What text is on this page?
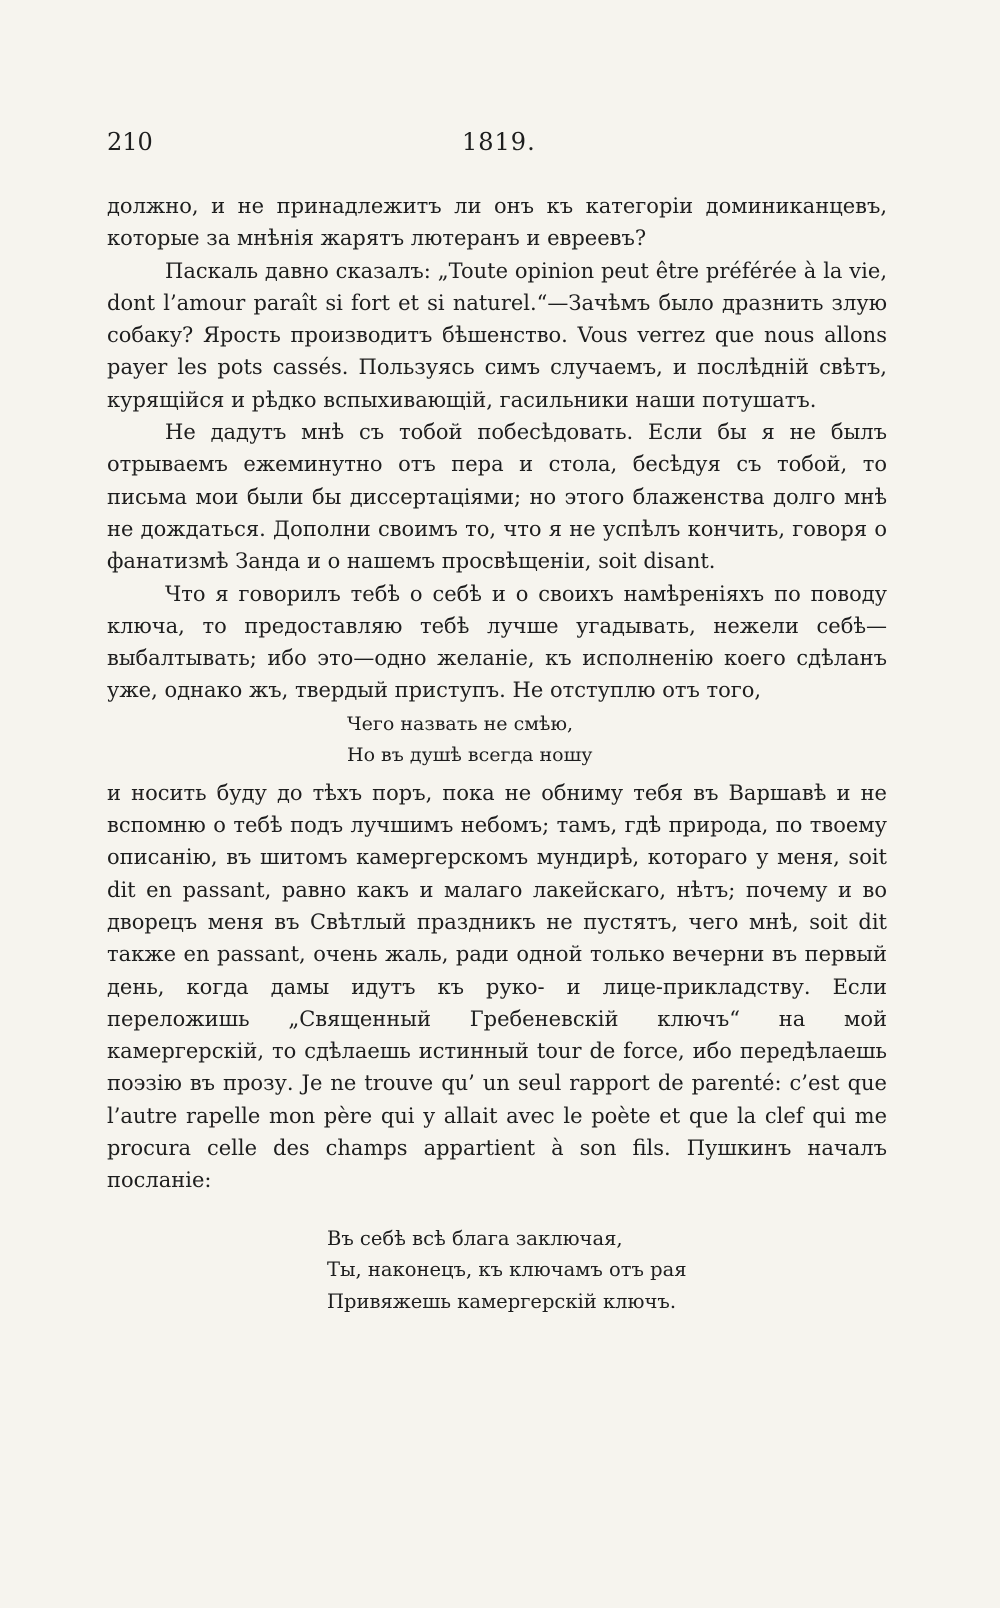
210	1819.

должно, и не принадлежитъ ли онъ къ категоріи доминиканцевъ, которые за мнѣнія жарятъ лютеранъ и евреевъ?

Паскаль давно сказалъ: „Toute opinion peut être préférée à la vie, dont l’amour paraît si fort et si naturel.“—Зачѣмъ было дразнить злую собаку? Ярость производитъ бѣшенство. Vous verrez que nous allons payer les pots cassés. Пользуясь симъ случаемъ, и послѣдній свѣтъ, курящійся и рѣдко вспыхивающій, гасильники наши потушатъ.

Не дадутъ мнѣ съ тобой побесѣдовать. Если бы я не былъ отрываемъ ежеминутно отъ пера и стола, бесѣдуя съ тобой, то письма мои были бы диссертаціями; но этого блаженства долго мнѣ не дождаться. Дополни своимъ то, что я не успѣлъ кончить, говоря о фанатизмѣ Занда и о нашемъ просвѣщеніи, soit disant.

Что я говорилъ тебѣ о себѣ и о своихъ намѣреніяхъ по поводу ключа, то предоставляю тебѣ лучше угадывать, нежели себѣ—выбалтывать; ибо это—одно желаніе, къ исполненію коего сдѣланъ уже, однако жъ, твердый приступъ. Не отступлю отъ того,

Чего назвать не смѣю,
Но въ душѣ всегда ношу

и носить буду до тѣхъ поръ, пока не обниму тебя въ Варшавѣ и не вспомню о тебѣ подъ лучшимъ небомъ; тамъ, гдѣ природа, по твоему описанію, въ шитомъ камергерскомъ мундирѣ, котораго у меня, soit dit en passant, равно какъ и малаго лакейскаго, нѣтъ; почему и во дворецъ меня въ Свѣтлый праздникъ не пустятъ, чего мнѣ, soit dit также en passant, очень жаль, ради одной только вечерни въ первый день, когда дамы идутъ къ руко- и лице-прикладству. Если переложишь „Священный Гребеневскій ключъ“ на мой камергерскій, то сдѣлаешь истинный tour de force, ибо передѣлаешь поэзію въ прозу. Je ne trouve qu’ un seul rapport de parenté: c’est que l’autre rapelle mon père qui y allait avec le poète et que la clef qui me procura celle des champs appartient à son fils. Пушкинъ началъ посланіе:

Въ себѣ всѣ блага заключая,
Ты, наконецъ, къ ключамъ отъ рая
Привяжешь камергерскій ключъ.
